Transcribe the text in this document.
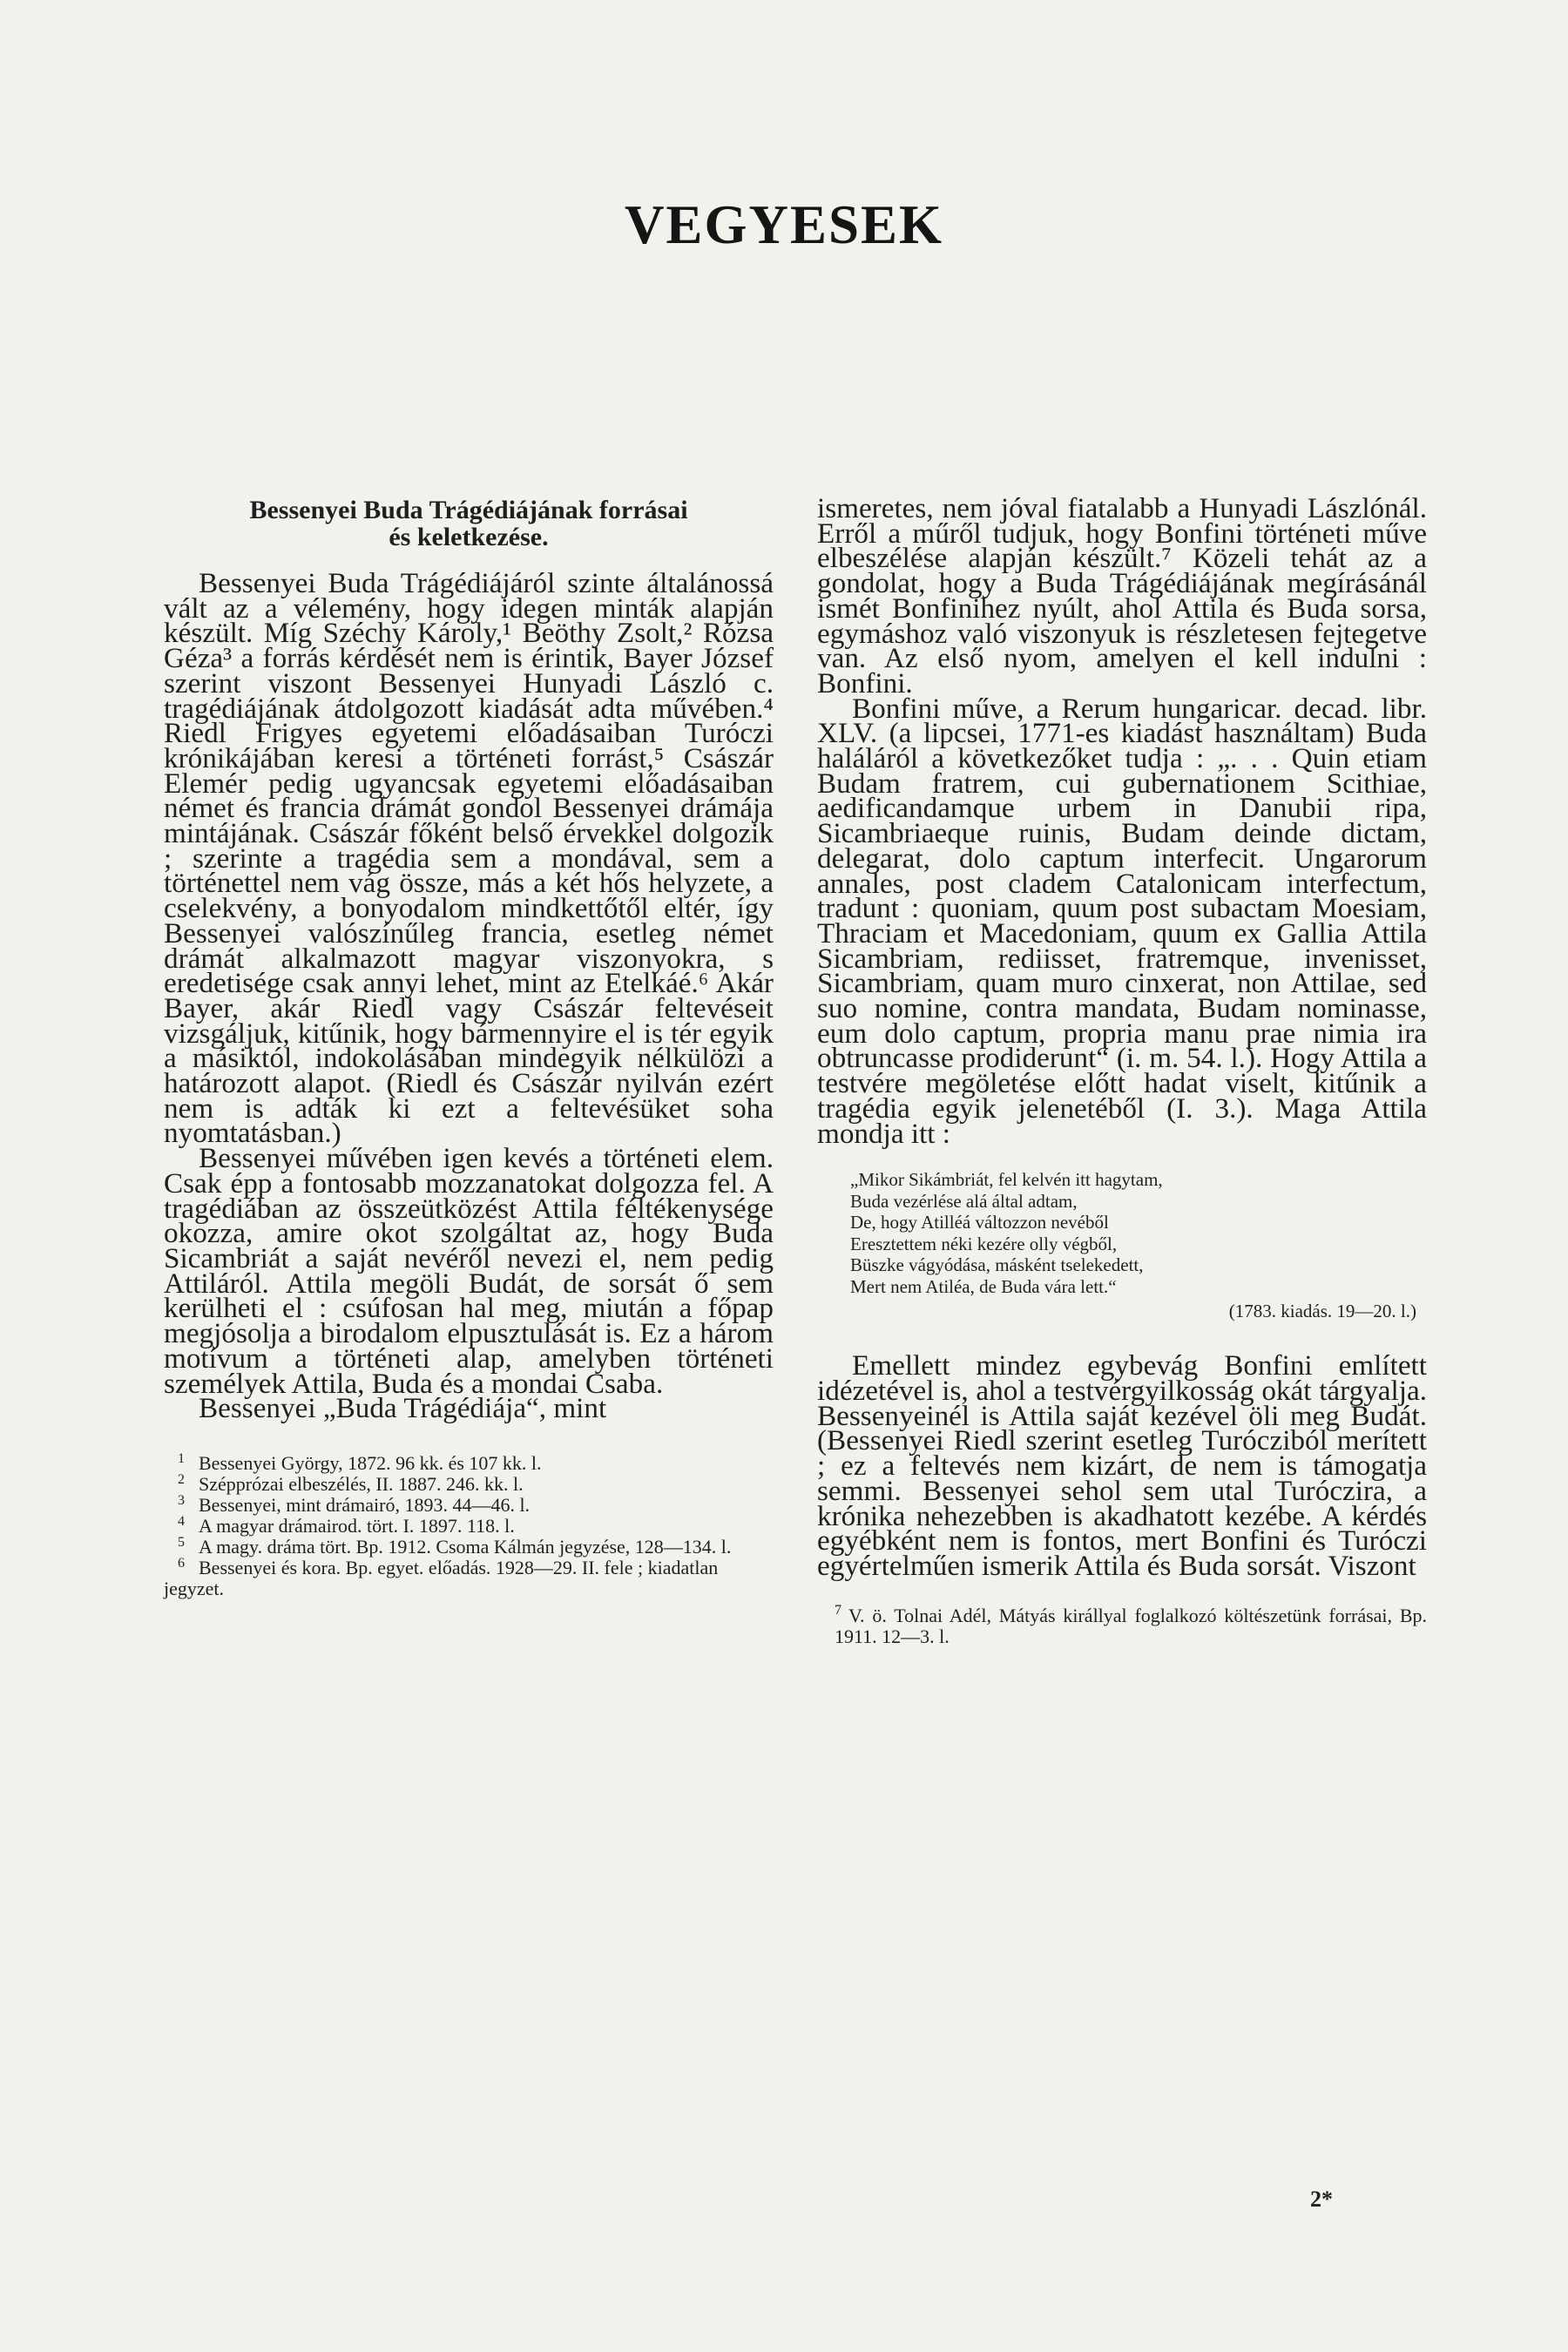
VEGYESEK
Bessenyei Buda Trágédiájának forrásai
és keletkezése.

Bessenyei Buda Trágédiájáról szinte általánossá vált az a vélemény, hogy idegen minták alapján készült. Míg Széchy Károly,¹ Beöthy Zsolt,² Rózsa Géza³ a forrás kérdését nem is érintik, Bayer József szerint viszont Bessenyei Hunyadi László c. tragédiájának átdolgozott kiadását adta művében.⁴ Riedl Frigyes egyetemi előadásaiban Turóczi krónikájában keresi a történeti forrást,⁵ Császár Elemér pedig ugyancsak egyetemi előadásaiban német és francia drámát gondol Bessenyei drámája mintájának. Császár főként belső érvekkel dolgozik ; szerinte a tragédia sem a mondával, sem a történettel nem vág össze, más a két hős helyzete, a cselekvény, a bonyodalom mindkettőtől eltér, így Bessenyei valószínűleg francia, esetleg német drámát alkalmazott magyar viszonyokra, s eredetisége csak annyi lehet, mint az Etelkáé.⁶ Akár Bayer, akár Riedl vagy Császár feltevéseit vizsgáljuk, kitűnik, hogy bármennyire el is tér egyik a másiktól, indokolásában mindegyik nélkülözi a határozott alapot. (Riedl és Császár nyilván ezért nem is adták ki ezt a feltevésüket soha nyomtatásban.)

Bessenyei művében igen kevés a történeti elem. Csak épp a fontosabb mozzanatokat dolgozza fel. A tragédiában az összeütközést Attila féltékenysége okozza, amire okot szolgáltat az, hogy Buda Sicambriát a saját nevéről nevezi el, nem pedig Attiláról. Attila megöli Budát, de sorsát ő sem kerülheti el : csúfosan hal meg, miután a főpap megjósolja a birodalom elpusztulását is. Ez a három motívum a történeti alap, amelyben történeti személyek Attila, Buda és a mondai Csaba.

Bessenyei „Buda Trágédiája“, mint

1 Bessenyei György, 1872. 96 kk. és 107 kk. l.
2 Szépprózai elbeszélés, II. 1887. 246. kk. l.
3 Bessenyei, mint drámairó, 1893. 44—46. l.
4 A magyar drámairod. tört. I. 1897. 118. l.
5 A magy. dráma tört. Bp. 1912. Csoma Kálmán jegyzése, 128—134. l.
6 Bessenyei és kora. Bp. egyet. előadás. 1928—29. II. fele ; kiadatlan jegyzet.

ismeretes, nem jóval fiatalabb a Hunyadi Lászlónál. Erről a műről tudjuk, hogy Bonfini történeti műve elbeszélése alapján készült.⁷ Közeli tehát az a gondolat, hogy a Buda Trágédiájának megírásánál ismét Bonfinihez nyúlt, ahol Attila és Buda sorsa, egymáshoz való viszonyuk is részletesen fejtegetve van. Az első nyom, amelyen el kell indulni : Bonfini.

Bonfini műve, a Rerum hungaricar. decad. libr. XLV. (a lipcsei, 1771-es kiadást használtam) Buda haláláról a következőket tudja : „. . . Quin etiam Budam fratrem, cui gubernationem Scithiae, aedificandamque urbem in Danubii ripa, Sicambriaeque ruinis, Budam deinde dictam, delegarat, dolo captum interfecit. Ungarorum annales, post cladem Catalonicam interfectum, tradunt : quoniam, quum post subactam Moesiam, Thraciam et Macedoniam, quum ex Gallia Attila Sicambriam, rediisset, fratremque, invenisset, Sicambriam, quam muro cinxerat, non Attilae, sed suo nomine, contra mandata, Budam nominasse, eum dolo captum, propria manu prae nimia ira obtruncasse prodiderunt“ (i. m. 54. l.). Hogy Attila a testvére megöletése előtt hadat viselt, kitűnik a tragédia egyik jelenetéből (I. 3.). Maga Attila mondja itt :

„Mikor Sikámbriát, fel kelvén itt hagytam,
Buda vezérlése alá által adtam,
De, hogy Atilléá változzon nevéből
Eresztettem néki kezére olly végből,
Büszke vágyódása, másként tselekedett,
Mert nem Atiléa, de Buda vára lett.“
(1783. kiadás. 19—20. l.)

Emellett mindez egybevág Bonfini említett idézetével is, ahol a testvérgyilkosság okát tárgyalja. Bessenyeinél is Attila saját kezével öli meg Budát. (Bessenyei Riedl szerint esetleg Turócziból merített ; ez a feltevés nem kizárt, de nem is támogatja semmi. Bessenyei sehol sem utal Turóczira, a krónika nehezebben is akadhatott kezébe. A kérdés egyébként nem is fontos, mert Bonfini és Turóczi egyértelműen ismerik Attila és Buda sorsát. Viszont

$^7$ V. ö. Tolnai Adél, Mátyás királlyal foglalkozó költészetünk forrásai, Bp. 1911. 12—3. l.
2*
